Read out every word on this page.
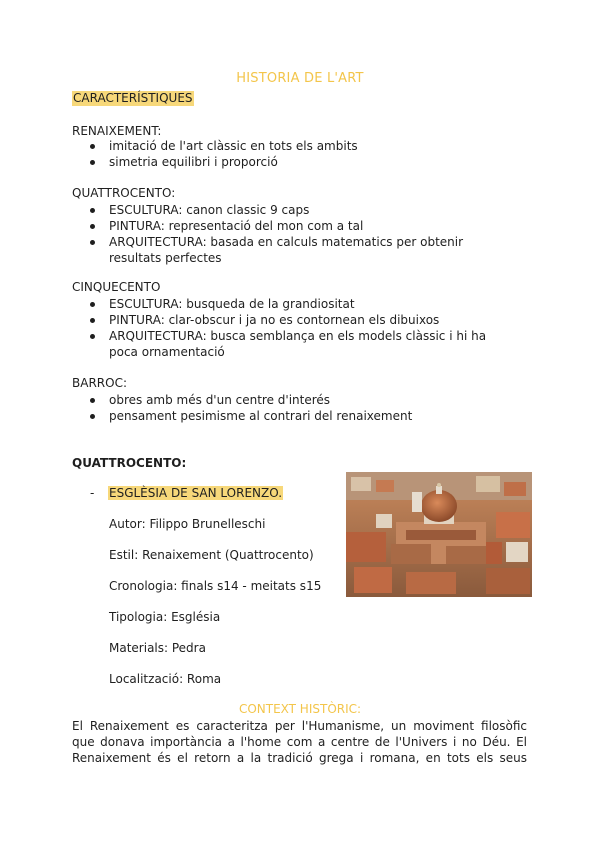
HISTORIA DE L'ART
CARACTERÍSTIQUES
RENAIXEMENT:
imitació de l'art clàssic en tots els ambits
simetria equilibri i proporció
QUATTROCENTO:
ESCULTURA: canon classic 9 caps
PINTURA: representació del mon com a tal
ARQUITECTURA: basada en calculs matematics per obtenir resultats perfectes
CINQUECENTO
ESCULTURA: busqueda de la grandiositat
PINTURA: clar-obscur i ja no es contornean els dibuixos
ARQUITECTURA: busca semblança en els models clàssic i hi ha poca ornamentació
BARROC:
obres amb més d'un centre d'interés
pensament pesimisme al contrari del renaixement
QUATTROCENTO:
- ESGLÈSIA DE SAN LORENZO.
Autor: Filippo Brunelleschi
Estil: Renaixement (Quattrocento)
Cronologia: finals s14 - meitats s15
Tipologia: Església
Materials: Pedra
Localització: Roma
CONTEXT HISTÒRIC:
El Renaixement es caracteritza per l'Humanisme, un moviment filosòfic que donava importància a l'home com a centre de l'Univers i no Déu. El Renaixement és el retorn a la tradició grega i romana, en tots els seus
